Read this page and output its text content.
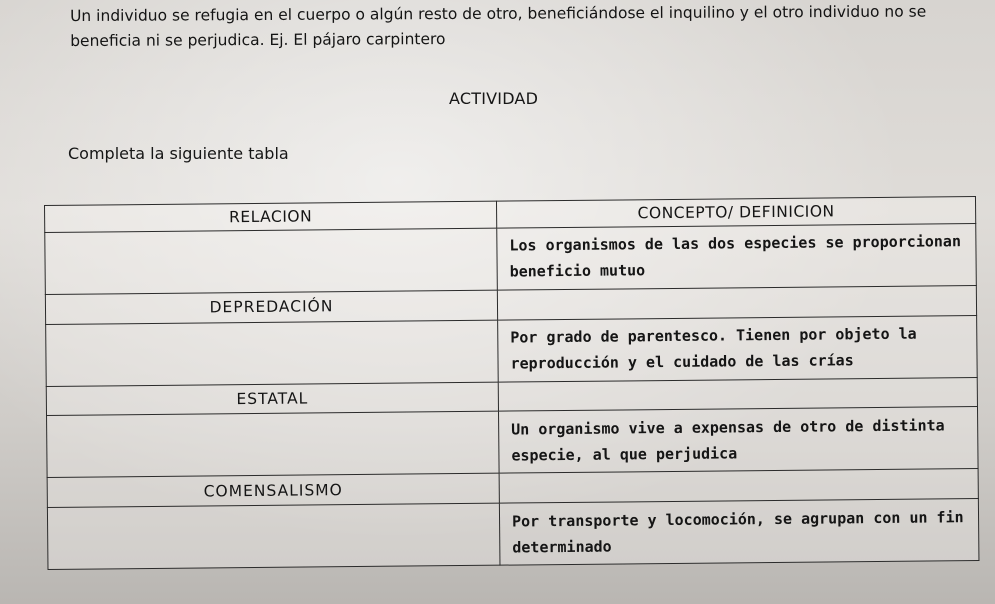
Un individuo se refugia en el cuerpo o algún resto de otro, beneficiándose el inquilino y el otro individuo no se beneficia ni se perjudica. Ej. El pájaro carpintero

ACTIVIDAD

Completa la siguiente tabla

RELACION	CONCEPTO/ DEFINICION
	Los organismos de las dos especies se proporcionan beneficio mutuo
DEPREDACIÓN	
	Por grado de parentesco. Tienen por objeto la reproducción y el cuidado de las crías
ESTATAL	
	Un organismo vive a expensas de otro de distinta especie, al que perjudica
COMENSALISMO	
	Por transporte y locomoción, se agrupan con un fin determinado
